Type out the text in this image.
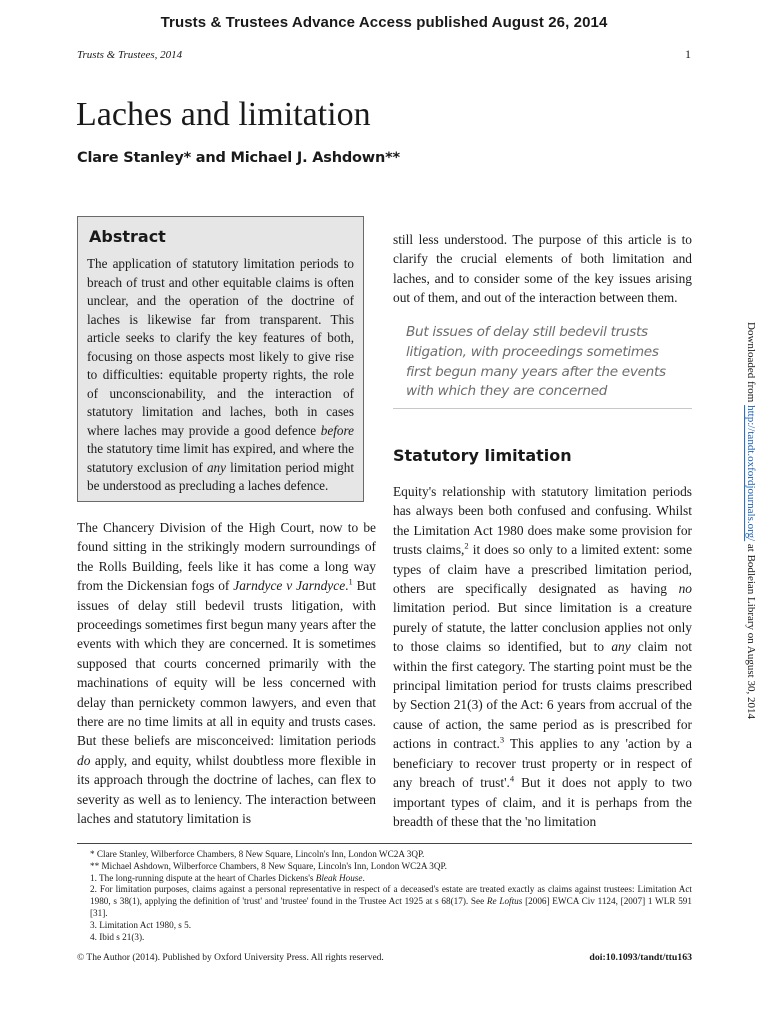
Trusts & Trustees Advance Access published August 26, 2014
Trusts & Trustees, 2014	1
Laches and limitation
Clare Stanley* and Michael J. Ashdown**
Abstract

The application of statutory limitation periods to breach of trust and other equitable claims is often unclear, and the operation of the doctrine of laches is likewise far from transparent. This article seeks to clarify the key features of both, focusing on those aspects most likely to give rise to difficulties: equitable property rights, the role of unconscionability, and the interaction of statutory limitation and laches, both in cases where laches may provide a good defence before the statutory time limit has expired, and where the statutory exclusion of any limitation period might be understood as precluding a laches defence.

The Chancery Division of the High Court, now to be found sitting in the strikingly modern surroundings of the Rolls Building, feels like it has come a long way from the Dickensian fogs of Jarndyce v Jarndyce.$^1$ But issues of delay still bedevil trusts litigation, with proceedings sometimes first begun many years after the events with which they are concerned. It is sometimes supposed that courts concerned primarily with the machinations of equity will be less concerned with delay than pernickety common lawyers, and even that there are no time limits at all in equity and trusts cases. But these beliefs are misconceived: limitation periods do apply, and equity, whilst doubtless more flexible in its approach through the doctrine of laches, can flex to severity as well as to leniency. The interaction between laches and statutory limitation is

still less understood. The purpose of this article is to clarify the crucial elements of both limitation and laches, and to consider some of the key issues arising out of them, and out of the interaction between them.

But issues of delay still bedevil trusts litigation, with proceedings sometimes first begun many years after the events with which they are concerned
Statutory limitation

Equity's relationship with statutory limitation periods has always been both confused and confusing. Whilst the Limitation Act 1980 does make some provision for trusts claims,$^2$ it does so only to a limited extent: some types of claim have a prescribed limitation period, others are specifically designated as having no limitation period. But since limitation is a creature purely of statute, the latter conclusion applies not only to those claims so identified, but to any claim not within the first category. The starting point must be the principal limitation period for trusts claims prescribed by Section 21(3) of the Act: 6 years from accrual of the cause of action, the same period as is prescribed for actions in contract.$^3$ This applies to any 'action by a beneficiary to recover trust property or in respect of any breach of trust'.$^4$ But it does not apply to two important types of claim, and it is perhaps from the breadth of these that the 'no limitation

* Clare Stanley, Wilberforce Chambers, 8 New Square, Lincoln's Inn, London WC2A 3QP.

** Michael Ashdown, Wilberforce Chambers, 8 New Square, Lincoln's Inn, London WC2A 3QP.

1. The long-running dispute at the heart of Charles Dickens's Bleak House.

2. For limitation purposes, claims against a personal representative in respect of a deceased's estate are treated exactly as claims against trustees: Limitation Act 1980, s 38(1), applying the definition of 'trust' and 'trustee' found in the Trustee Act 1925 at s 68(17). See Re Loftus [2006] EWCA Civ 1124, [2007] 1 WLR 591 [31].

3. Limitation Act 1980, s 5.

4. Ibid s 21(3).

© The Author (2014). Published by Oxford University Press. All rights reserved.	doi:10.1093/tandt/ttu163
Downloaded from http://tandt.oxfordjournals.org/ at Bodleian Library on August 30, 2014
